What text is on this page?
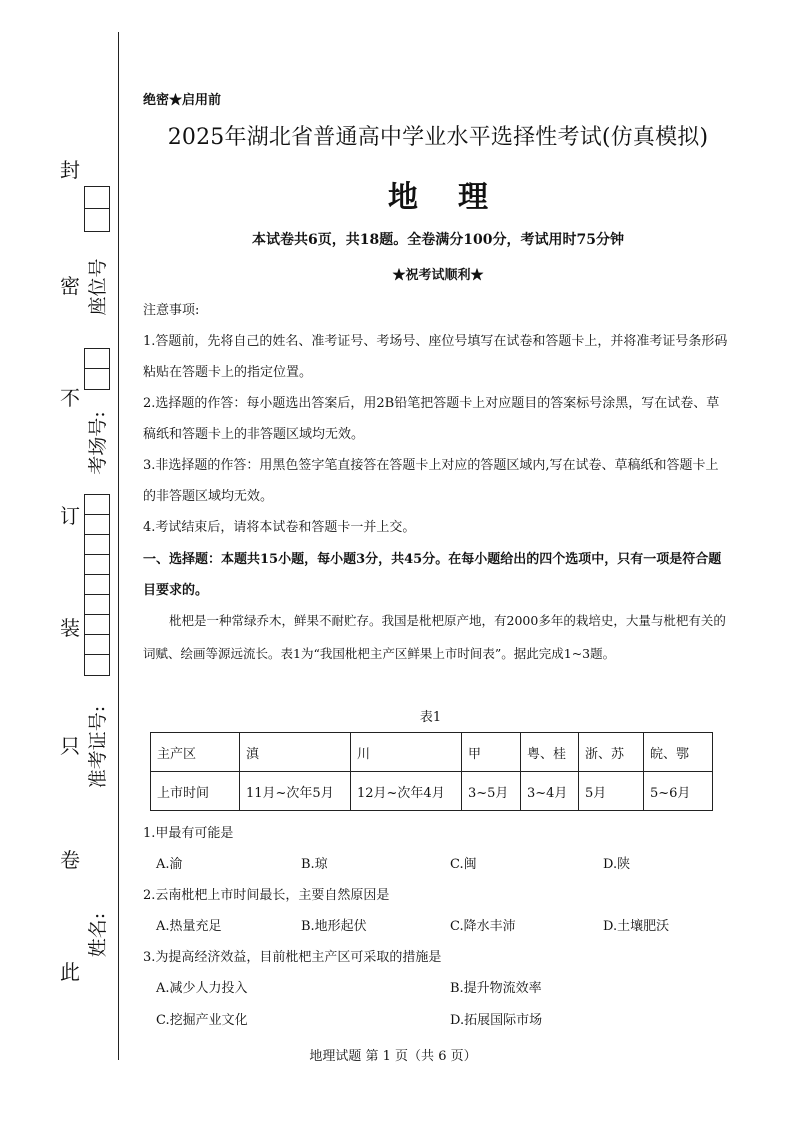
封
密
不
订
装
只
卷
此
座位号
考场号:
准考证号:
姓名:
绝密★启用前
2025年湖北省普通高中学业水平选择性考试(仿真模拟)
地理
本试卷共6页，共18题。全卷满分100分，考试用时75分钟
★祝考试顺利★
注意事项:
1.答题前，先将自己的姓名、准考证号、考场号、座位号填写在试卷和答题卡上，并将准考证号条形码粘贴在答题卡上的指定位置。
2.选择题的作答：每小题选出答案后，用2B铅笔把答题卡上对应题目的答案标号涂黑，写在试卷、草稿纸和答题卡上的非答题区域均无效。
3.非选择题的作答：用黑色签字笔直接答在答题卡上对应的答题区域内,写在试卷、草稿纸和答题卡上的非答题区域均无效。
4.考试结束后，请将本试卷和答题卡一并上交。
一、选择题：本题共15小题，每小题3分，共45分。在每小题给出的四个选项中，只有一项是符合题目要求的。
枇杷是一种常绿乔木，鲜果不耐贮存。我国是枇杷原产地，有2000多年的栽培史，大量与枇杷有关的词赋、绘画等源远流长。表1为“我国枇杷主产区鲜果上市时间表”。据此完成1~3题。
表1
主产区	滇	川	甲	粤、桂	浙、苏	皖、鄂
上市时间	11月~次年5月	12月~次年4月	3~5月	3~4月	5月	5~6月
1.甲最有可能是
A.渝	B.琼	C.闽	D.陕
2.云南枇杷上市时间最长，主要自然原因是
A.热量充足	B.地形起伏	C.降水丰沛	D.土壤肥沃
3.为提高经济效益，目前枇杷主产区可采取的措施是
A.减少人力投入	B.提升物流效率
C.挖掘产业文化	D.拓展国际市场
地理试题 第 1 页（共 6 页）
